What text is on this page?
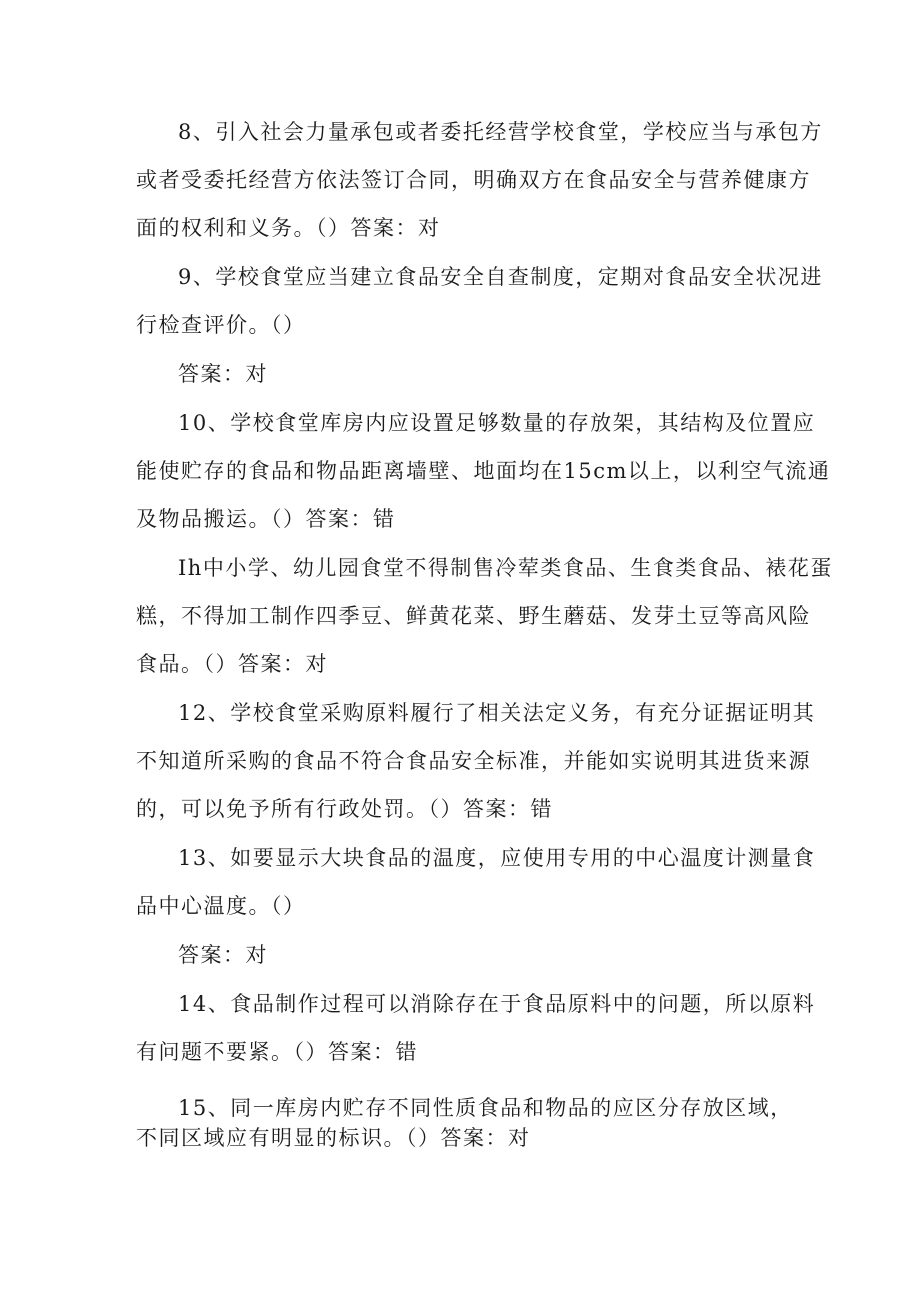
8、引入社会力量承包或者委托经营学校食堂，学校应当与承包方
或者受委托经营方依法签订合同，明确双方在食品安全与营养健康方
面的权利和义务。（）答案：对
9、学校食堂应当建立食品安全自查制度，定期对食品安全状况进
行检查评价。（）
答案：对
10、学校食堂库房内应设置足够数量的存放架，其结构及位置应
能使贮存的食品和物品距离墙壁、地面均在15cm以上，以利空气流通
及物品搬运。（）答案：错
Ih中小学、幼儿园食堂不得制售冷荤类食品、生食类食品、裱花蛋
糕，不得加工制作四季豆、鲜黄花菜、野生蘑菇、发芽土豆等高风险
食品。（）答案：对
12、学校食堂采购原料履行了相关法定义务，有充分证据证明其
不知道所采购的食品不符合食品安全标准，并能如实说明其进货来源
的，可以免予所有行政处罚。（）答案：错
13、如要显示大块食品的温度，应使用专用的中心温度计测量食
品中心温度。（）
答案：对
14、食品制作过程可以消除存在于食品原料中的问题，所以原料
有问题不要紧。（）答案：错
15、同一库房内贮存不同性质食品和物品的应区分存放区域，
不同区域应有明显的标识。（）答案：对
